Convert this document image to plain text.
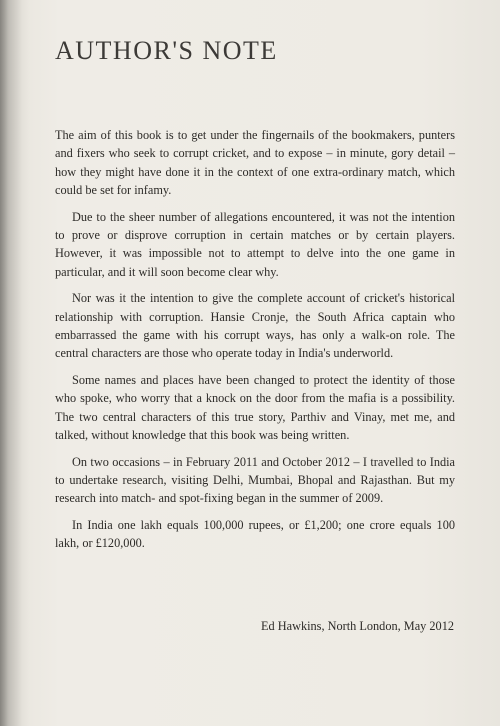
AUTHOR'S NOTE

The aim of this book is to get under the fingernails of the bookmakers, punters and fixers who seek to corrupt cricket, and to expose – in minute, gory detail – how they might have done it in the context of one extra-ordinary match, which could be set for infamy.

Due to the sheer number of allegations encountered, it was not the intention to prove or disprove corruption in certain matches or by certain players. However, it was impossible not to attempt to delve into the one game in particular, and it will soon become clear why.

Nor was it the intention to give the complete account of cricket's historical relationship with corruption. Hansie Cronje, the South Africa captain who embarrassed the game with his corrupt ways, has only a walk-on role. The central characters are those who operate today in India's underworld.

Some names and places have been changed to protect the identity of those who spoke, who worry that a knock on the door from the mafia is a possibility. The two central characters of this true story, Parthiv and Vinay, met me, and talked, without knowledge that this book was being written.

On two occasions – in February 2011 and October 2012 – I travelled to India to undertake research, visiting Delhi, Mumbai, Bhopal and Rajasthan. But my research into match- and spot-fixing began in the summer of 2009.

In India one lakh equals 100,000 rupees, or £1,200; one crore equals 100 lakh, or £120,000.

Ed Hawkins, North London, May 2012
